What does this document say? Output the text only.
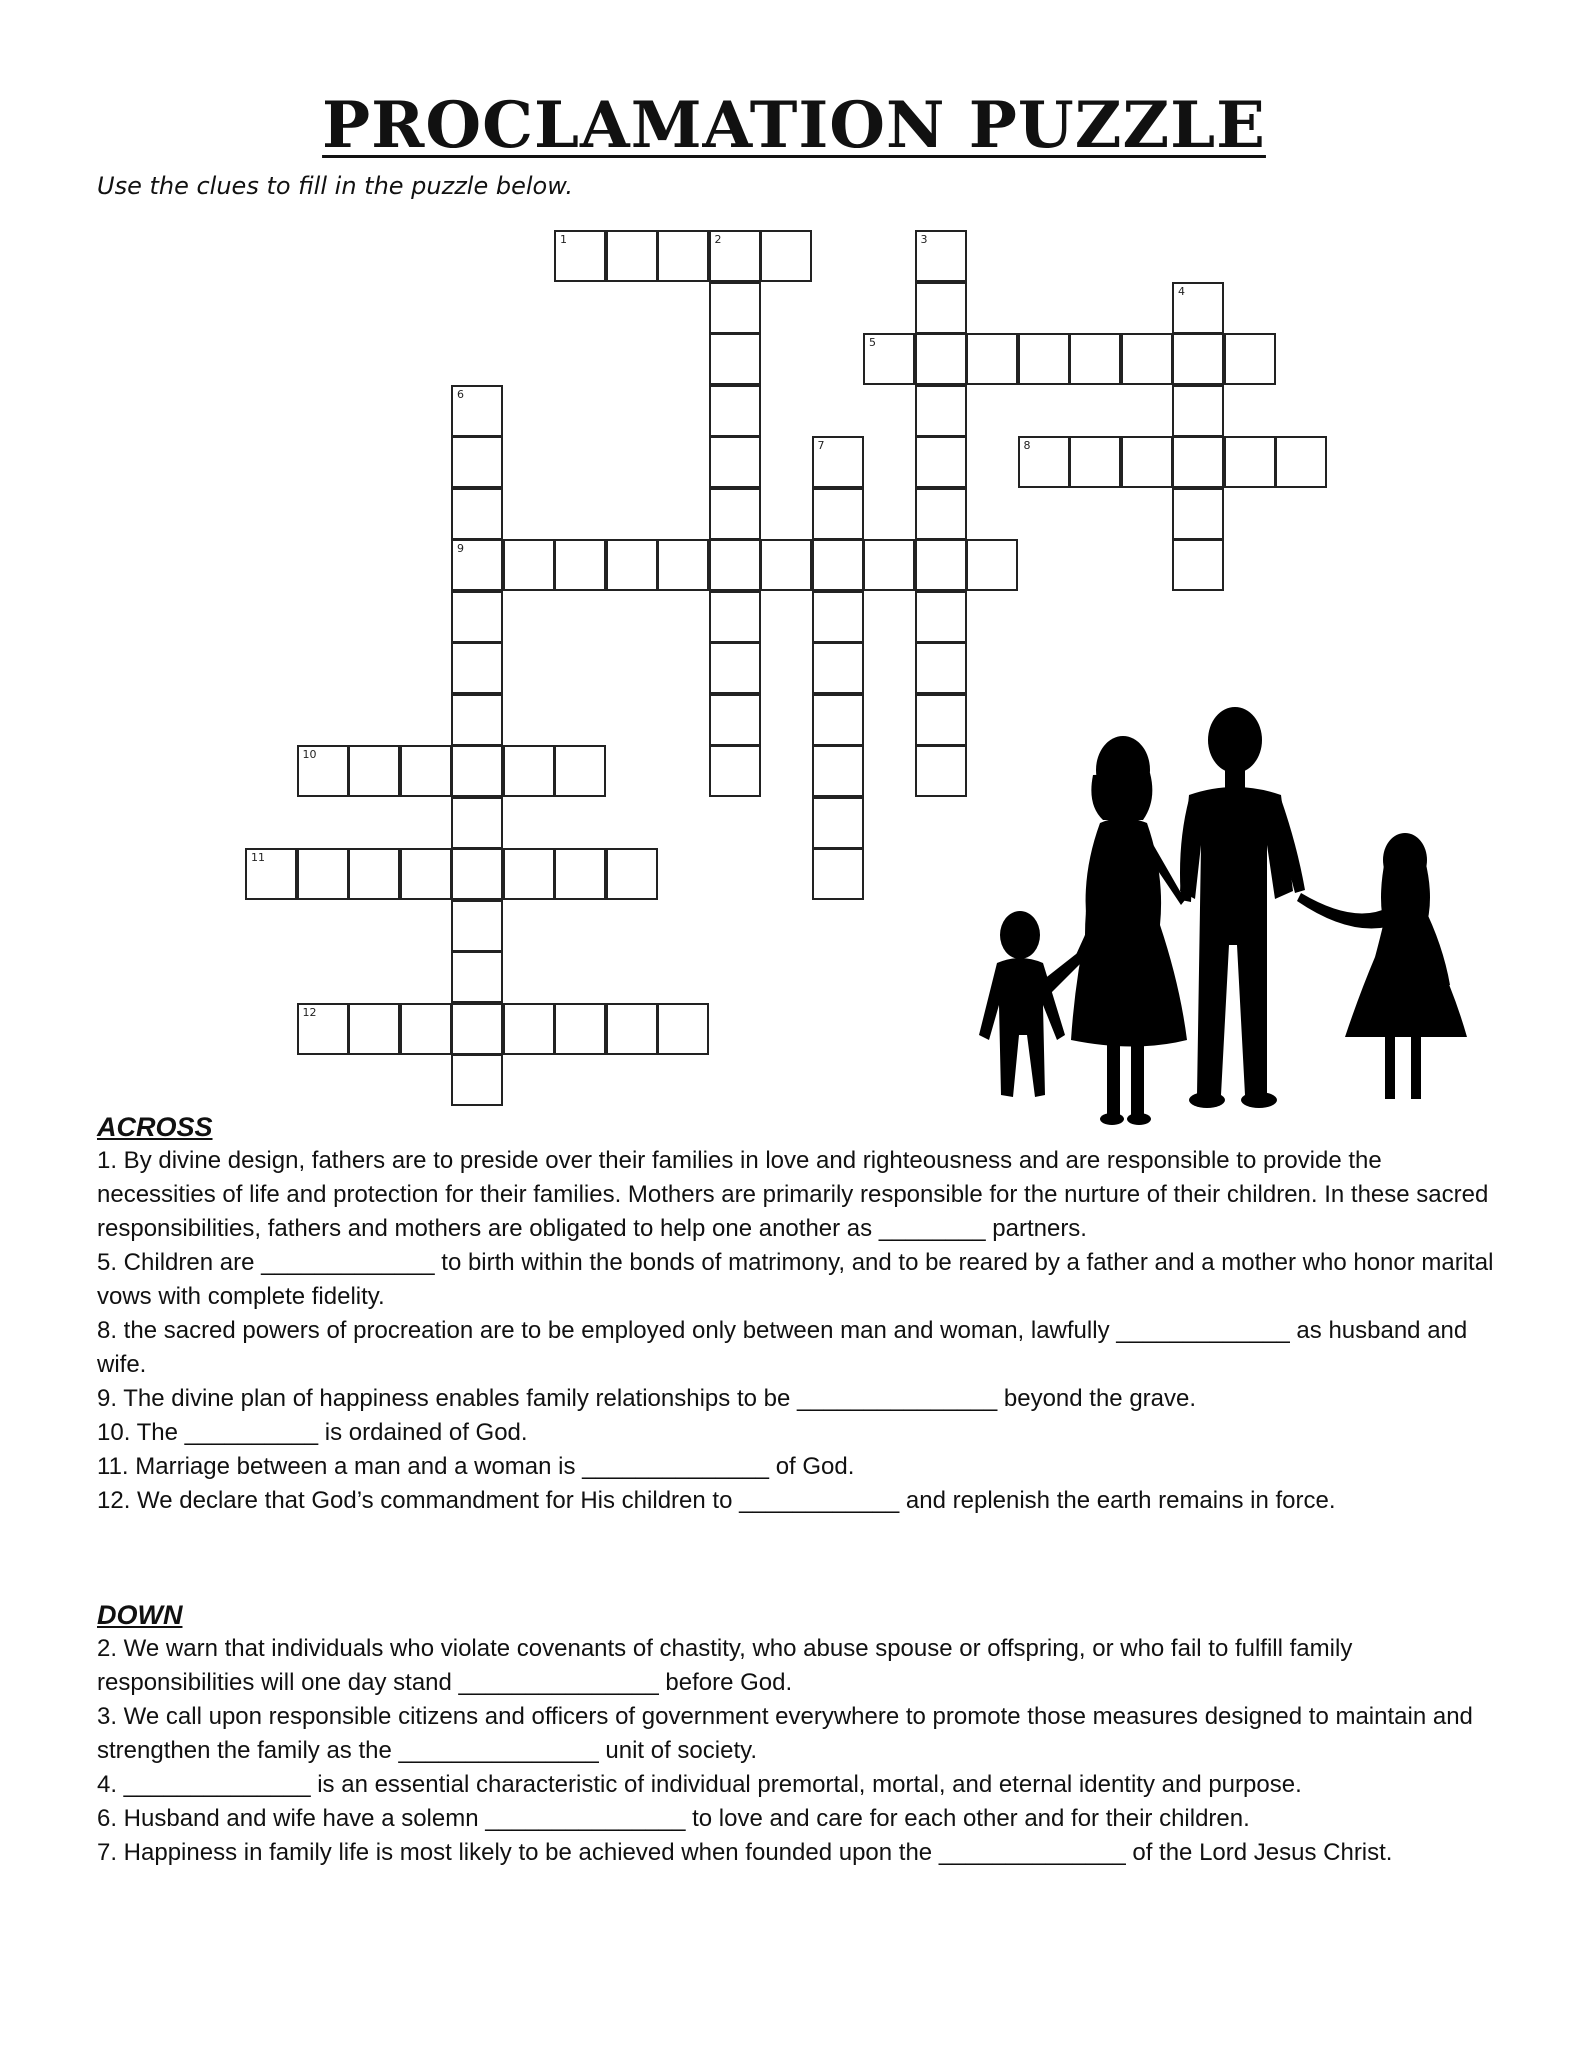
PROCLAMATION PUZZLE
Use the clues to fill in the puzzle below.
1	2	3
4
5
6
9
7	8
10
11
12
ACROSS

1. By divine design, fathers are to preside over their families in love and righteousness and are responsible to provide the necessities of life and protection for their families. Mothers are primarily responsible for the nurture of their children. In these sacred responsibilities, fathers and mothers are obligated to help one another as ________ partners.

5. Children are _____________ to birth within the bonds of matrimony, and to be reared by a father and a mother who honor marital vows with complete fidelity.

8. the sacred powers of procreation are to be employed only between man and woman, lawfully _____________ as husband and wife.

9. The divine plan of happiness enables family relationships to be _______________ beyond the grave.

10. The __________ is ordained of God.

11. Marriage between a man and a woman is ______________ of God.

12. We declare that God’s commandment for His children to ____________ and replenish the earth remains in force.

DOWN

2. We warn that individuals who violate covenants of chastity, who abuse spouse or offspring, or who fail to fulfill family responsibilities will one day stand _______________ before God.

3. We call upon responsible citizens and officers of government everywhere to promote those measures designed to maintain and strengthen the family as the _______________ unit of society.

4. ______________ is an essential characteristic of individual premortal, mortal, and eternal identity and purpose.

6. Husband and wife have a solemn _______________ to love and care for each other and for their children.

7. Happiness in family life is most likely to be achieved when founded upon the ______________ of the Lord Jesus Christ.
